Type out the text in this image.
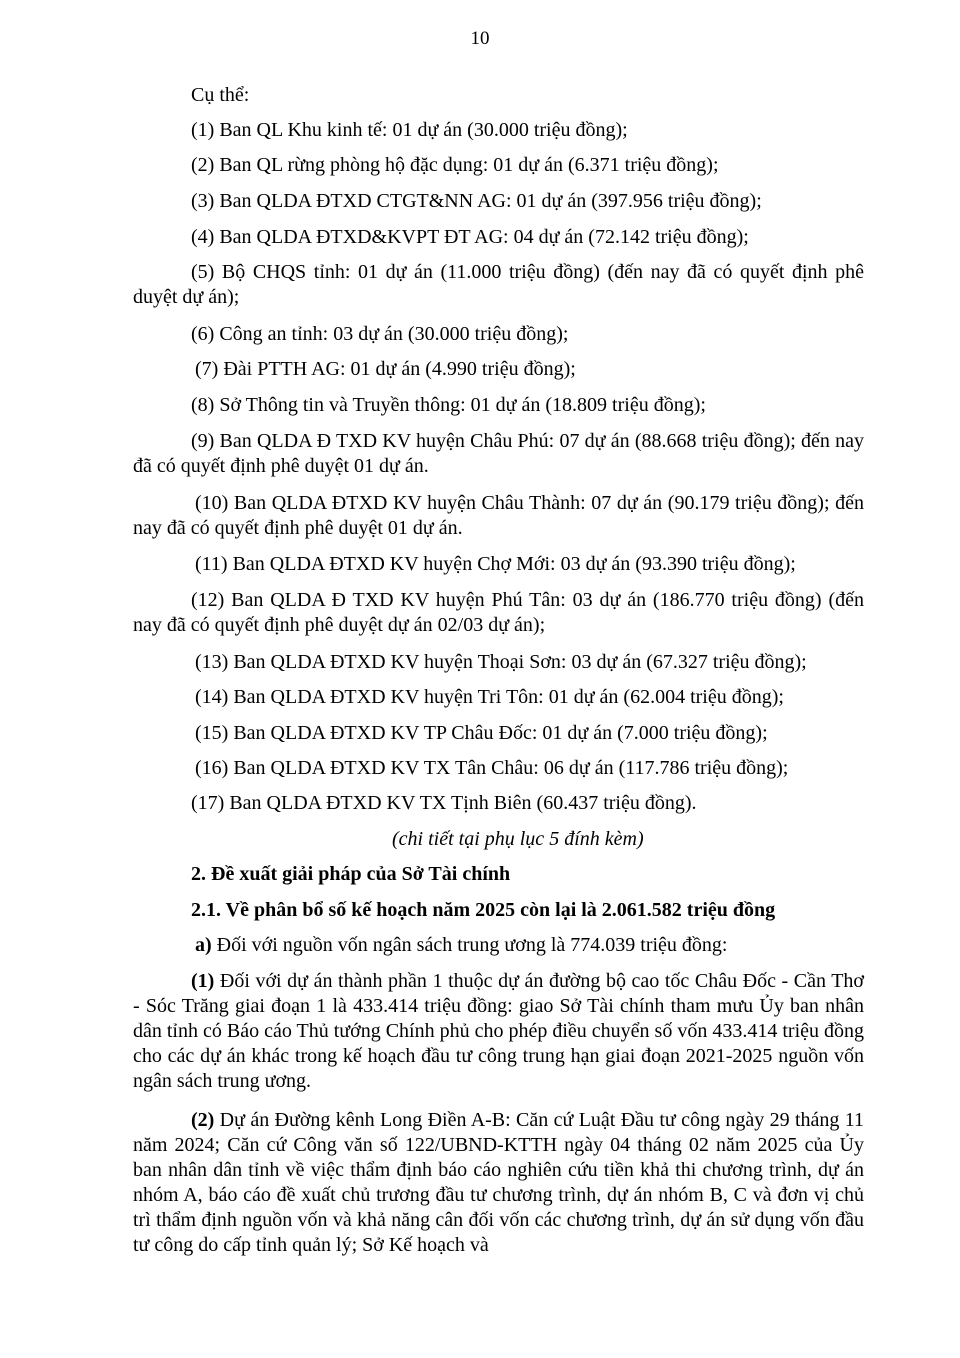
10

Cụ thể:

(1) Ban QL Khu kinh tế: 01 dự án (30.000 triệu đồng);

(2) Ban QL rừng phòng hộ đặc dụng: 01 dự án (6.371 triệu đồng);

(3) Ban QLDA ĐTXD CTGT&NN AG: 01 dự án (397.956 triệu đồng);

(4) Ban QLDA ĐTXD&KVPT ĐT AG: 04 dự án (72.142 triệu đồng);

(5) Bộ CHQS tỉnh: 01 dự án (11.000 triệu đồng) (đến nay đã có quyết định phê duyệt dự án);

(6) Công an tỉnh: 03 dự án (30.000 triệu đồng);

(7) Đài PTTH AG: 01 dự án (4.990 triệu đồng);

(8) Sở Thông tin và Truyền thông: 01 dự án (18.809 triệu đồng);

(9) Ban QLDA Đ TXD KV huyện Châu Phú: 07 dự án (88.668 triệu đồng); đến nay đã có quyết định phê duyệt 01 dự án.

(10) Ban QLDA ĐTXD KV huyện Châu Thành: 07 dự án (90.179 triệu đồng); đến nay đã có quyết định phê duyệt 01 dự án.

(11) Ban QLDA ĐTXD KV huyện Chợ Mới: 03 dự án (93.390 triệu đồng);

(12) Ban QLDA Đ TXD KV huyện Phú Tân: 03 dự án (186.770 triệu đồng) (đến nay đã có quyết định phê duyệt dự án 02/03 dự án);

(13) Ban QLDA ĐTXD KV huyện Thoại Sơn: 03 dự án (67.327 triệu đồng);

(14) Ban QLDA ĐTXD KV huyện Tri Tôn: 01 dự án (62.004 triệu đồng);

(15) Ban QLDA ĐTXD KV TP Châu Đốc: 01 dự án (7.000 triệu đồng);

(16) Ban QLDA ĐTXD KV TX Tân Châu: 06 dự án (117.786 triệu đồng);

(17) Ban QLDA ĐTXD KV TX Tịnh Biên (60.437 triệu đồng).

(chi tiết tại phụ lục 5 đính kèm)

2. Đề xuất giải pháp của Sở Tài chính

2.1. Về phân bổ số kế hoạch năm 2025 còn lại là 2.061.582 triệu đồng

a) Đối với nguồn vốn ngân sách trung ương là 774.039 triệu đồng:

(1) Đối với dự án thành phần 1 thuộc dự án đường bộ cao tốc Châu Đốc - Cần Thơ - Sóc Trăng giai đoạn 1 là 433.414 triệu đồng: giao Sở Tài chính tham mưu Ủy ban nhân dân tỉnh có Báo cáo Thủ tướng Chính phủ cho phép điều chuyển số vốn 433.414 triệu đồng cho các dự án khác trong kế hoạch đầu tư công trung hạn giai đoạn 2021-2025 nguồn vốn ngân sách trung ương.

(2) Dự án Đường kênh Long Điền A-B: Căn cứ Luật Đầu tư công ngày 29 tháng 11 năm 2024; Căn cứ Công văn số 122/UBND-KTTH ngày 04 tháng 02 năm 2025 của Ủy ban nhân dân tỉnh về việc thẩm định báo cáo nghiên cứu tiền khả thi chương trình, dự án nhóm A, báo cáo đề xuất chủ trương đầu tư chương trình, dự án nhóm B, C và đơn vị chủ trì thẩm định nguồn vốn và khả năng cân đối vốn các chương trình, dự án sử dụng vốn đầu tư công do cấp tỉnh quản lý; Sở Kế hoạch và
